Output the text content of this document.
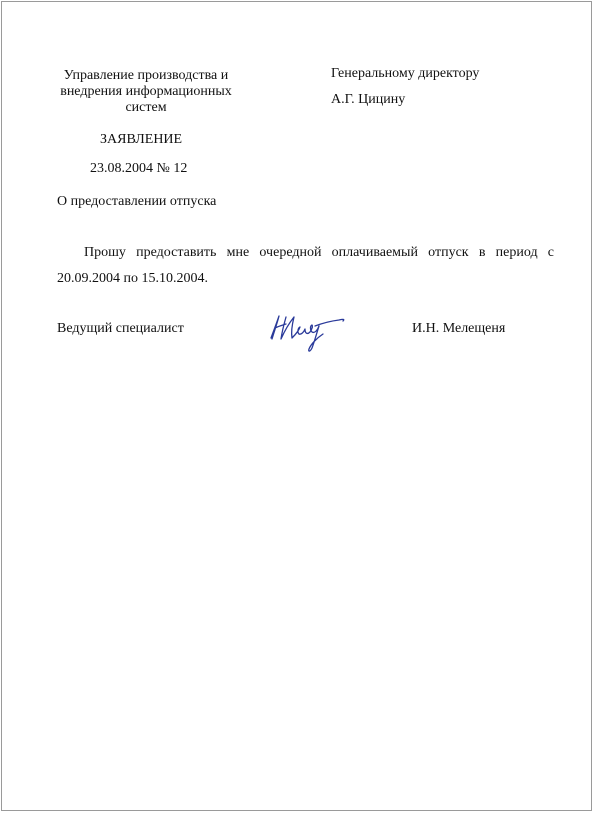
Управление производства и внедрения информационных систем
Генеральному директору
А.Г. Цицину
ЗАЯВЛЕНИЕ
23.08.2004 № 12
О предоставлении отпуска
Прошу предоставить мне очередной оплачиваемый отпуск в период с 20.09.2004 по 15.10.2004.
Ведущий специалист	И.Н. Мелещеня
